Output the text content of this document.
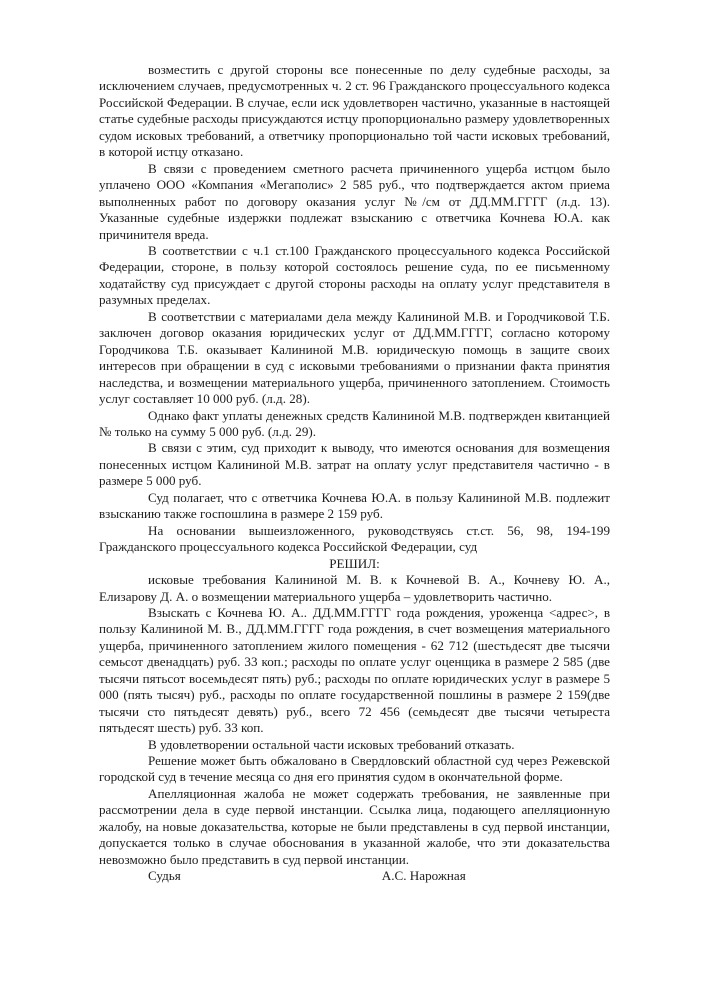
возместить с другой стороны все понесенные по делу судебные расходы, за исключением случаев, предусмотренных ч. 2 ст. 96 Гражданского процессуального кодекса Российской Федерации. В случае, если иск удовлетворен частично, указанные в настоящей статье судебные расходы присуждаются истцу пропорционально размеру удовлетворенных судом исковых требований, а ответчику пропорционально той части исковых требований, в которой истцу отказано.

В связи с проведением сметного расчета причиненного ущерба истцом было уплачено ООО «Компания «Мегаполис» 2 585 руб., что подтверждается актом приема выполненных работ по договору оказания услуг №/см от ДД.ММ.ГГГГ (л.д. 13). Указанные судебные издержки подлежат взысканию с ответчика Кочнева Ю.А. как причинителя вреда.

В соответствии с ч.1 ст.100 Гражданского процессуального кодекса Российской Федерации, стороне, в пользу которой состоялось решение суда, по ее письменному ходатайству суд присуждает с другой стороны расходы на оплату услуг представителя в разумных пределах.

В соответствии с материалами дела между Калининой М.В. и Городчиковой Т.Б. заключен договор оказания юридических услуг от ДД.ММ.ГГГГ, согласно которому Городчикова Т.Б. оказывает Калининой М.В. юридическую помощь в защите своих интересов при обращении в суд с исковыми требованиями о признании факта принятия наследства, и возмещении материального ущерба, причиненного затоплением. Стоимость услуг составляет 10 000 руб. (л.д. 28).

Однако факт уплаты денежных средств Калининой М.В. подтвержден квитанцией № только на сумму 5 000 руб. (л.д. 29).

В связи с этим, суд приходит к выводу, что имеются основания для возмещения понесенных истцом Калининой М.В. затрат на оплату услуг представителя частично - в размере 5 000 руб.

Суд полагает, что с ответчика Кочнева Ю.А. в пользу Калининой М.В. подлежит взысканию также госпошлина в размере 2 159 руб.

На основании вышеизложенного, руководствуясь ст.ст. 56, 98, 194-199 Гражданского процессуального кодекса Российской Федерации, суд

РЕШИЛ:

исковые требования Калининой М. В. к Кочневой В. А., Кочневу Ю. А., Елизарову Д. А. о возмещении материального ущерба – удовлетворить частично.

Взыскать с Кочнева Ю. А.. ДД.ММ.ГГГГ года рождения, уроженца <адрес>, в пользу Калининой М. В., ДД.ММ.ГГГГ года рождения, в счет возмещения материального ущерба, причиненного затоплением жилого помещения - 62 712 (шестьдесят две тысячи семьсот двенадцать) руб. 33 коп.; расходы по оплате услуг оценщика в размере 2 585 (две тысячи пятьсот восемьдесят пять) руб.; расходы по оплате юридических услуг в размере 5 000 (пять тысяч) руб., расходы по оплате государственной пошлины в размере 2 159(две тысячи сто пятьдесят девять) руб., всего 72 456 (семьдесят две тысячи четыреста пятьдесят шесть) руб. 33 коп.

В удовлетворении остальной части исковых требований отказать.

Решение может быть обжаловано в Свердловский областной суд через Режевской городской суд в течение месяца со дня его принятия судом в окончательной форме.

Апелляционная жалоба не может содержать требования, не заявленные при рассмотрении дела в суде первой инстанции. Ссылка лица, подающего апелляционную жалобу, на новые доказательства, которые не были представлены в суд первой инстанции, допускается только в случае обоснования в указанной жалобе, что эти доказательства невозможно было представить в суд первой инстанции.

Судья	А.С. Нарожная
